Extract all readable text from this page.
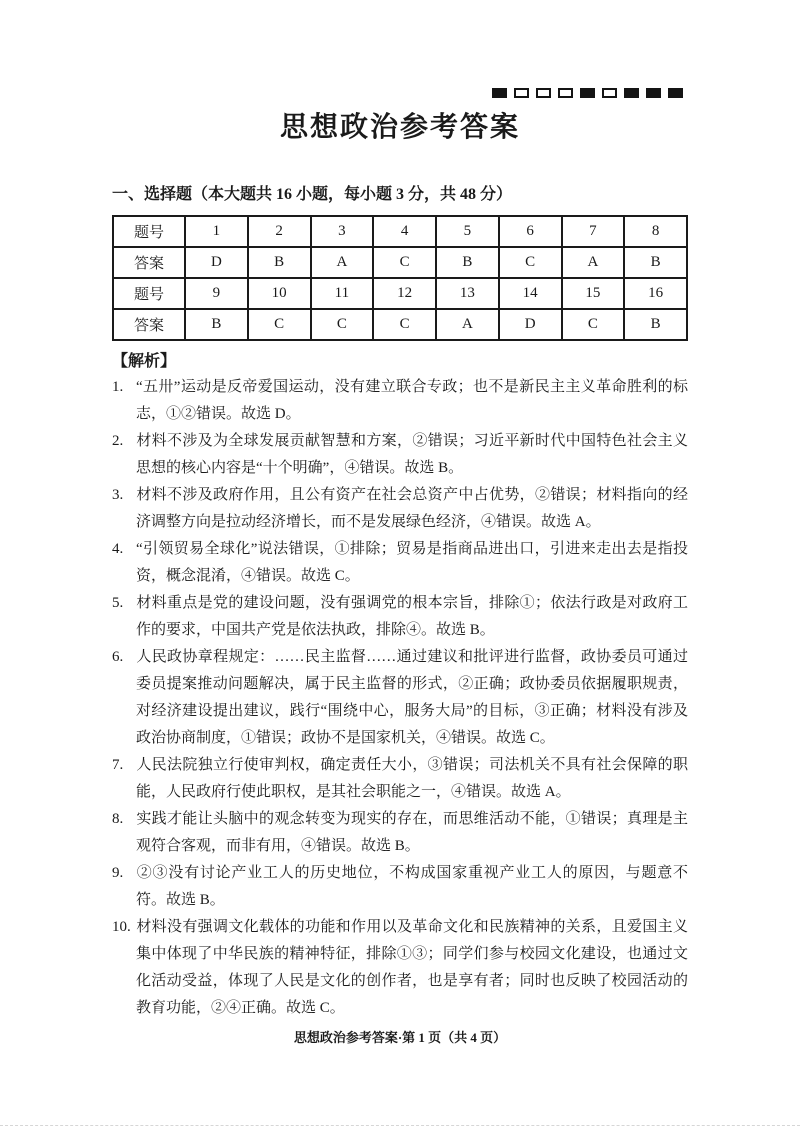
思想政治参考答案
一、选择题（本大题共 16 小题，每小题 3 分，共 48 分）
题号	1	2	3	4	5	6	7	8
答案	D	B	A	C	B	C	A	B
题号	9	10	11	12	13	14	15	16
答案	B	C	C	C	A	D	C	B
【解析】
1. “五卅”运动是反帝爱国运动，没有建立联合专政；也不是新民主主义革命胜利的标志，①②错误。故选 D。
2. 材料不涉及为全球发展贡献智慧和方案，②错误；习近平新时代中国特色社会主义思想的核心内容是“十个明确”，④错误。故选 B。
3. 材料不涉及政府作用，且公有资产在社会总资产中占优势，②错误；材料指向的经济调整方向是拉动经济增长，而不是发展绿色经济，④错误。故选 A。
4. “引领贸易全球化”说法错误，①排除；贸易是指商品进出口，引进来走出去是指投资，概念混淆，④错误。故选 C。
5. 材料重点是党的建设问题，没有强调党的根本宗旨，排除①；依法行政是对政府工作的要求，中国共产党是依法执政，排除④。故选 B。
6. 人民政协章程规定：……民主监督……通过建议和批评进行监督，政协委员可通过委员提案推动问题解决，属于民主监督的形式，②正确；政协委员依据履职规责，对经济建设提出建议，践行“围绕中心，服务大局”的目标，③正确；材料没有涉及政治协商制度，①错误；政协不是国家机关，④错误。故选 C。
7. 人民法院独立行使审判权，确定责任大小，③错误；司法机关不具有社会保障的职能，人民政府行使此职权，是其社会职能之一，④错误。故选 A。
8. 实践才能让头脑中的观念转变为现实的存在，而思维活动不能，①错误；真理是主观符合客观，而非有用，④错误。故选 B。
9. ②③没有讨论产业工人的历史地位，不构成国家重视产业工人的原因，与题意不符。故选 B。
10. 材料没有强调文化载体的功能和作用以及革命文化和民族精神的关系，且爱国主义集中体现了中华民族的精神特征，排除①③；同学们参与校园文化建设，也通过文化活动受益，体现了人民是文化的创作者，也是享有者；同时也反映了校园活动的教育功能，②④正确。故选 C。
思想政治参考答案·第 1 页（共 4 页）
